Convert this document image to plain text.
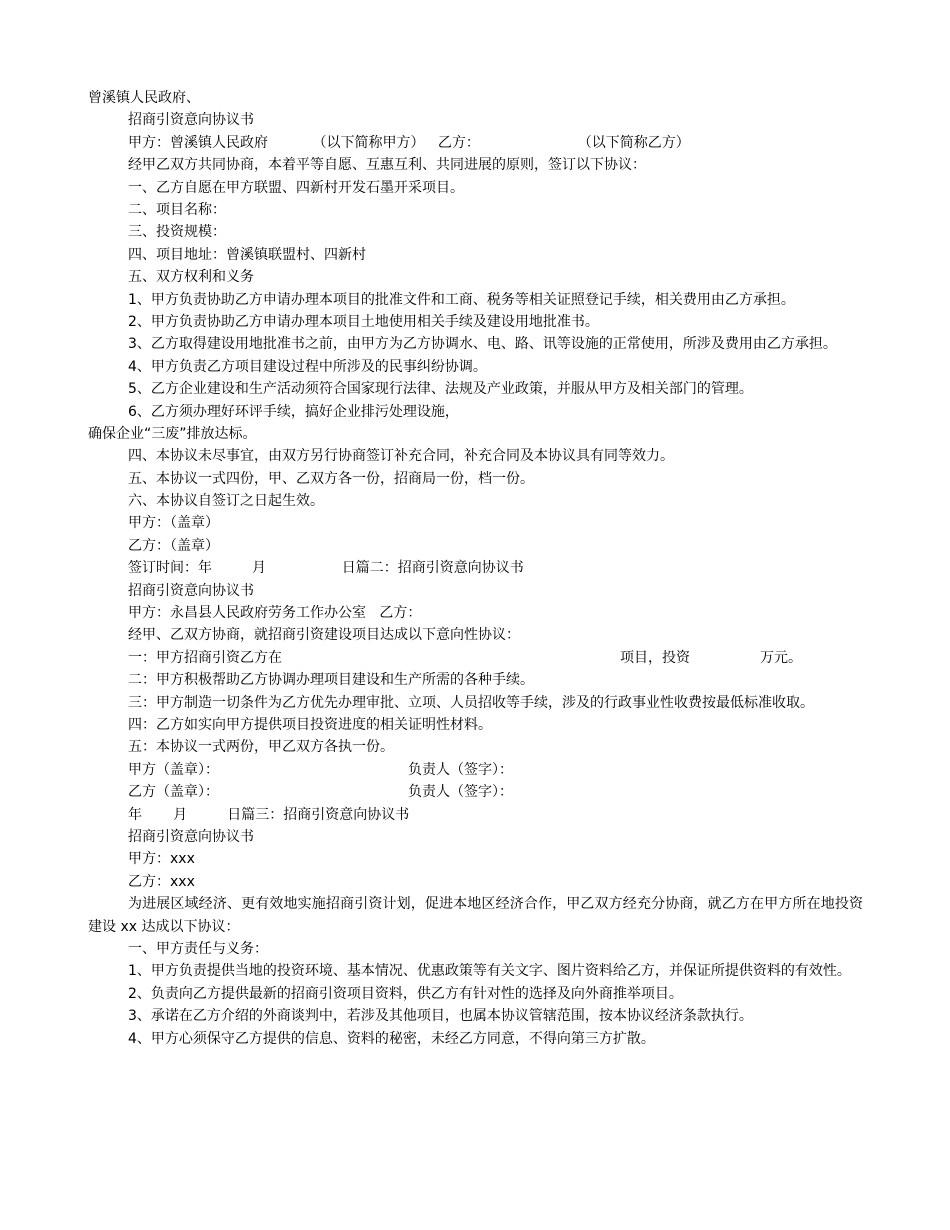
曾溪镇人民政府、
招商引资意向协议书
甲方：曾溪镇人民政府          （以下简称甲方）   乙方：                      （以下简称乙方）
经甲乙双方共同协商，本着平等自愿、互惠互利、共同进展的原则，签订以下协议：
一、乙方自愿在甲方联盟、四新村开发石墨开采项目。
二、项目名称：
三、投资规模：
四、项目地址：曾溪镇联盟村、四新村
五、双方权利和义务
1、甲方负责协助乙方申请办理本项目的批准文件和工商、税务等相关证照登记手续，相关费用由乙方承担。
2、甲方负责协助乙方申请办理本项目土地使用相关手续及建设用地批准书。
3、乙方取得建设用地批准书之前，由甲方为乙方协调水、电、路、讯等设施的正常使用，所涉及费用由乙方承担。
4、甲方负责乙方项目建设过程中所涉及的民事纠纷协调。
5、乙方企业建设和生产活动须符合国家现行法律、法规及产业政策，并服从甲方及相关部门的管理。
6、乙方须办理好环评手续，搞好企业排污处理设施，
确保企业“三废”排放达标。
四、本协议未尽事宜，由双方另行协商签订补充合同，补充合同及本协议具有同等效力。
五、本协议一式四份，甲、乙双方各一份，招商局一份，档一份。
六、本协议自签订之日起生效。
甲方：（盖章）
乙方：（盖章）
签订时间：年         月                 日篇二：招商引资意向协议书
招商引资意向协议书
甲方：永昌县人民政府劳务工作办公室   乙方：
经甲、乙双方协商，就招商引资建设项目达成以下意向性协议：

一：甲方招商引资乙方在

	项目，投资

	万元。

二：甲方积极帮助乙方协调办理项目建设和生产所需的各种手续。
三：甲方制造一切条件为乙方优先办理审批、立项、人员招收等手续，涉及的行政事业性收费按最低标准收取。
四：乙方如实向甲方提供项目投资进度的相关证明性材料。
五：本协议一式两份，甲乙双方各执一份。

甲方（盖章）：

	负责人（签字）：

乙方（盖章）：

	负责人（签字）：

年       月         日篇三：招商引资意向协议书
招商引资意向协议书
甲方：xxx
乙方：xxx
为进展区域经济、更有效地实施招商引资计划，促进本地区经济合作，甲乙双方经充分协商，就乙方在甲方所在地投资建设 xx 达成以下协议：
一、甲方责任与义务：
1、甲方负责提供当地的投资环境、基本情况、优惠政策等有关文字、图片资料给乙方，并保证所提供资料的有效性。
2、负责向乙方提供最新的招商引资项目资料，供乙方有针对性的选择及向外商推举项目。
3、承诺在乙方介绍的外商谈判中，若涉及其他项目，也属本协议管辖范围，按本协议经济条款执行。
4、甲方心须保守乙方提供的信息、资料的秘密，未经乙方同意，不得向第三方扩散。
